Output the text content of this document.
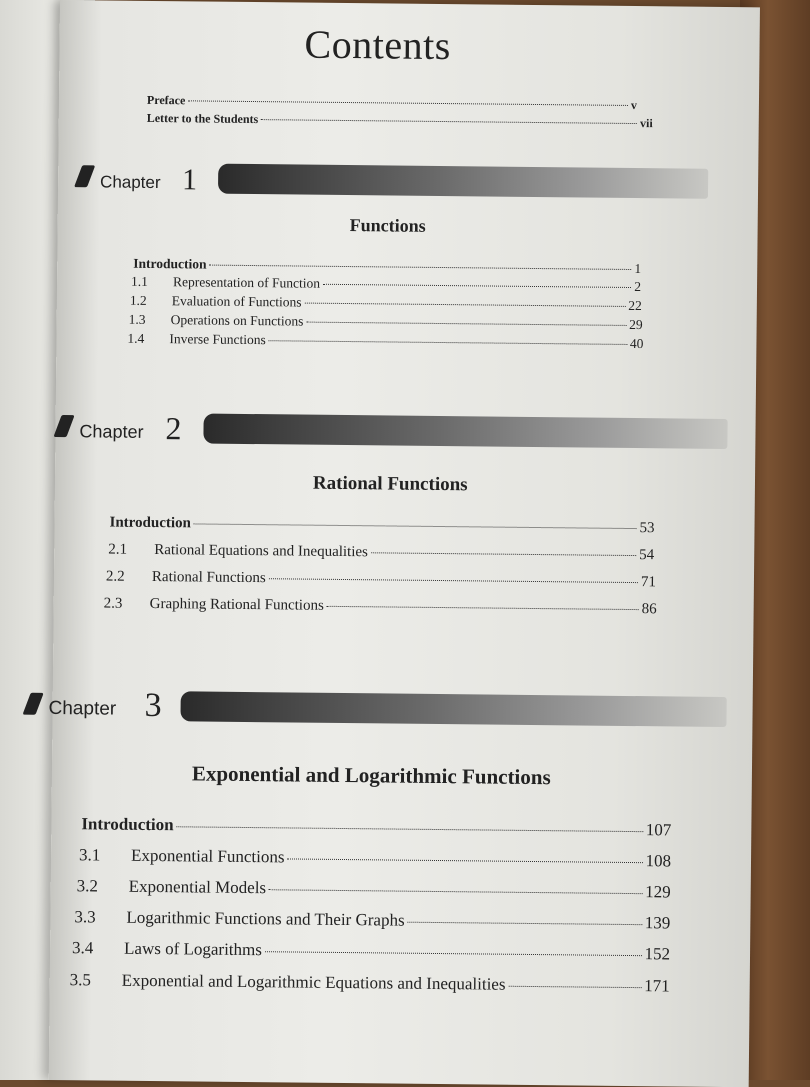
Contents
Preface	v
Letter to the Students	vii
Chapter 1
Functions
Introduction	1
1.1	Representation of Function	2
1.2	Evaluation of Functions	22
1.3	Operations on Functions	29
1.4	Inverse Functions	40
Chapter 2
Rational Functions
Introduction	53
2.1	Rational Equations and Inequalities	54
2.2	Rational Functions	71
2.3	Graphing Rational Functions	86
Chapter 3
Exponential and Logarithmic Functions
Introduction	107
3.1	Exponential Functions	108
3.2	Exponential Models	129
3.3	Logarithmic Functions and Their Graphs	139
3.4	Laws of Logarithms	152
3.5	Exponential and Logarithmic Equations and Inequalities	171
